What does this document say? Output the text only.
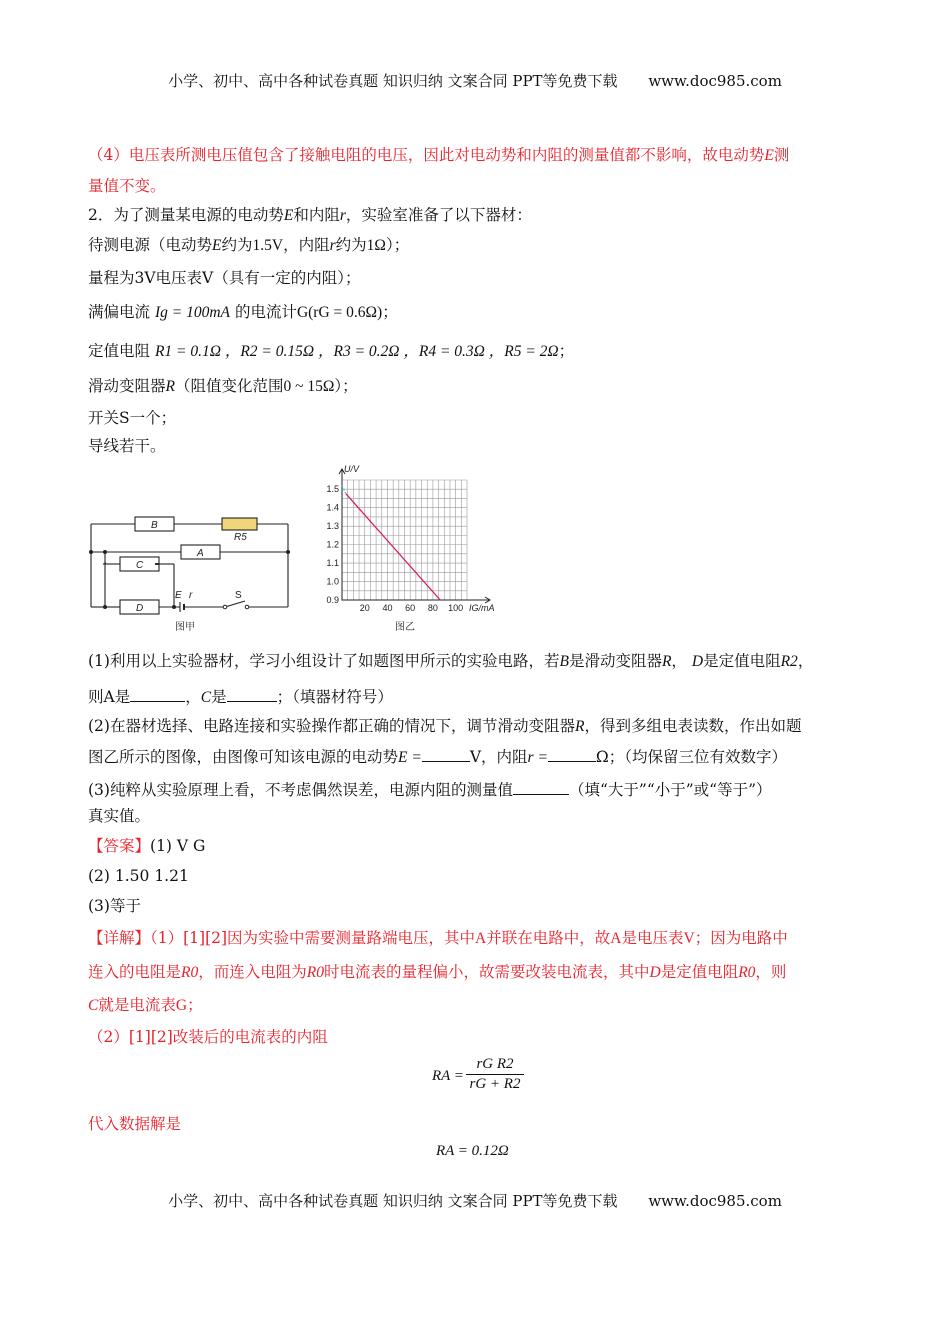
小学、初中、高中各种试卷真题 知识归纳 文案合同 PPT等免费下载 www.doc985.com
（4）电压表所测电压值包含了接触电阻的电压，因此对电动势和内阻的测量值都不影响，故电动势E测
量值不变。
2．为了测量某电源的电动势E和内阻r，实验室准备了以下器材：
待测电源（电动势E约为1.5V，内阻r约为1Ω）；
量程为3V电压表V（具有一定的内阻）；
满偏电流 Ig = 100mA 的电流计G(rG = 0.6Ω)；
定值电阻 R1 = 0.1Ω ，R2 = 0.15Ω ，R3 = 0.2Ω ，R4 = 0.3Ω ，R5 = 2Ω；
滑动变阻器R（阻值变化范围0 ~ 15Ω）；
开关S一个；
导线若干。
B
R5
A
C
D
E r	S
图甲
0.9
1.0
1.1
1.2
1.3
1.4
1.5
20 40 60 80 100
U/V
IG/mA
图乙
(1)利用以上实验器材，学习小组设计了如题图甲所示的实验电路，若B是滑动变阻器R， D是定值电阻R2，
则A是	，C是	；（填器材符号）
(2)在器材选择、电路连接和实验操作都正确的情况下，调节滑动变阻器R，得到多组电表读数，作出如题
图乙所示的图像，由图像可知该电源的电动势E =	V，内阻r =	Ω；（均保留三位有效数字）
(3)纯粹从实验原理上看，不考虑偶然误差，电源内阻的测量值	（填“大于”“小于”或“等于”）
真实值。
【答案】(1) V G
(2) 1.50 1.21
(3)等于
【详解】（1）[1][2]因为实验中需要测量路端电压，其中A并联在电路中，故A是电压表V；因为电路中
连入的电阻是R0，而连入电阻为R0时电流表的量程偏小，故需要改装电流表，其中D是定值电阻R0，则
C就是电流表G；
（2）[1][2]改装后的电流表的内阻
RA =
rG R2
rG + R2
代入数据解是
RA = 0.12Ω
小学、初中、高中各种试卷真题 知识归纳 文案合同 PPT等免费下载 www.doc985.com
